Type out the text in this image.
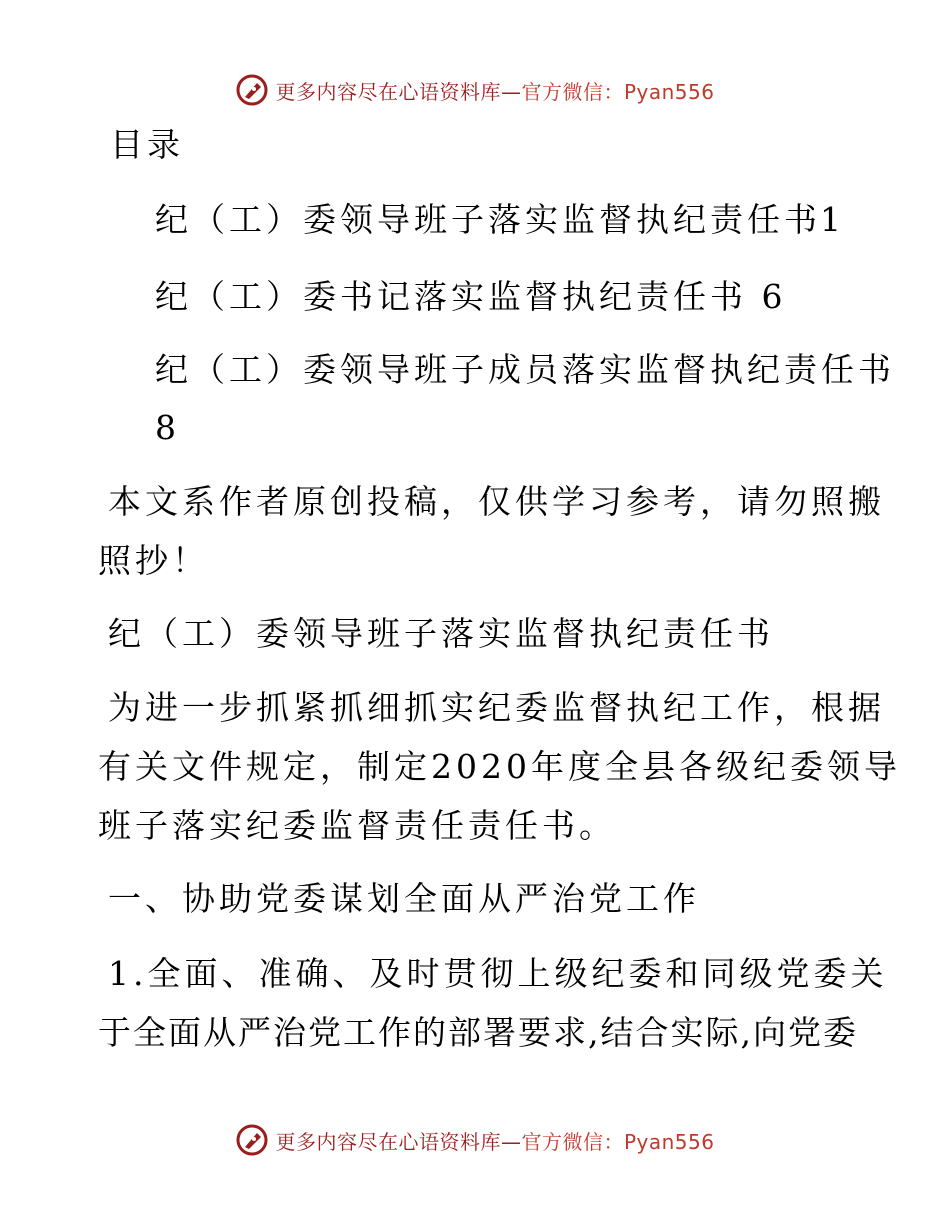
更多内容尽在心语资料库—官方微信：Pyan556
目录
纪（工）委领导班子落实监督执纪责任书 1
纪（工）委书记落实监督执纪责任书 6
纪（工）委领导班子成员落实监督执纪责任书
8
本文系作者原创投稿，仅供学习参考，请勿照搬
照抄！
纪（工）委领导班子落实监督执纪责任书
为进一步抓紧抓细抓实纪委监督执纪工作，根据
有关文件规定，制定2020年度全县各级纪委领导
班子落实纪委监督责任责任书。
一、协助党委谋划全面从严治党工作
1.全面、准确、及时贯彻上级纪委和同级党委关
于全面从严治党工作的部署要求,结合实际,向党委
更多内容尽在心语资料库—官方微信：Pyan556
